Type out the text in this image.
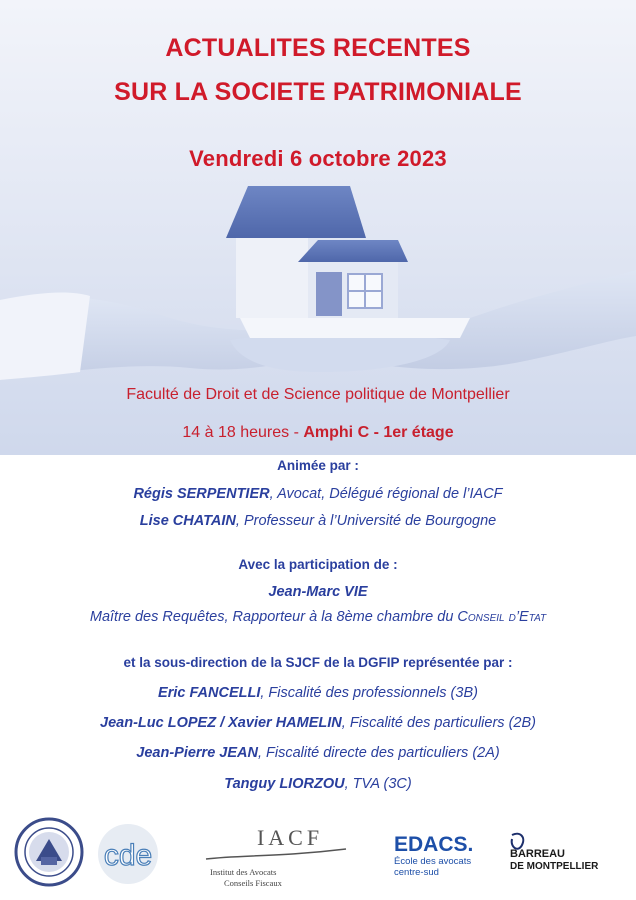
ACTUALITES RECENTES
SUR LA SOCIETE PATRIMONIALE
Vendredi 6 octobre 2023
Faculté de Droit et de Science politique de Montpellier
14 à 18 heures - Amphi C - 1er étage
Animée par :
Régis SERPENTIER, Avocat, Délégué régional de l’IACF
Lise CHATAIN, Professeur à l’Université de Bourgogne
Avec la participation de :
Jean-Marc VIE
Maître des Requêtes, Rapporteur à la 8ème chambre du Conseil d’Etat
et la sous-direction de la SJCF de la DGFIP représentée par :
Eric FANCELLI, Fiscalité des professionnels (3B)
Jean-Luc LOPEZ / Xavier HAMELIN, Fiscalité des particuliers (2B)
Jean-Pierre JEAN, Fiscalité directe des particuliers (2A)
Tanguy LIORZOU, TVA (3C)
cde
IACF
Institut des Avocats
Conseils Fiscaux
EDACS.
École des avocats
centre-sud
BARREAU
DE MONTPELLIER
